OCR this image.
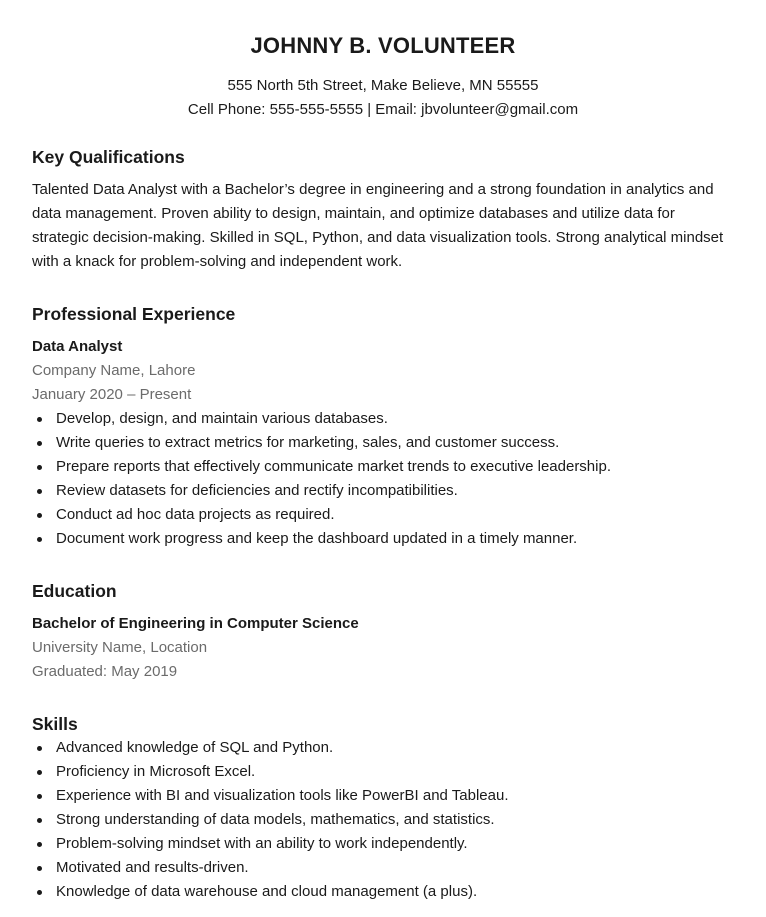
JOHNNY B. VOLUNTEER
555 North 5th Street, Make Believe, MN 55555
Cell Phone: 555-555-5555 | Email: jbvolunteer@gmail.com
Key Qualifications
Talented Data Analyst with a Bachelor’s degree in engineering and a strong foundation in analytics and data management. Proven ability to design, maintain, and optimize databases and utilize data for strategic decision-making. Skilled in SQL, Python, and data visualization tools. Strong analytical mindset with a knack for problem-solving and independent work.
Professional Experience
Data Analyst
Company Name, Lahore
January 2020 – Present
Develop, design, and maintain various databases.
Write queries to extract metrics for marketing, sales, and customer success.
Prepare reports that effectively communicate market trends to executive leadership.
Review datasets for deficiencies and rectify incompatibilities.
Conduct ad hoc data projects as required.
Document work progress and keep the dashboard updated in a timely manner.
Education
Bachelor of Engineering in Computer Science
University Name, Location
Graduated: May 2019
Skills
Advanced knowledge of SQL and Python.
Proficiency in Microsoft Excel.
Experience with BI and visualization tools like PowerBI and Tableau.
Strong understanding of data models, mathematics, and statistics.
Problem-solving mindset with an ability to work independently.
Motivated and results-driven.
Knowledge of data warehouse and cloud management (a plus).
